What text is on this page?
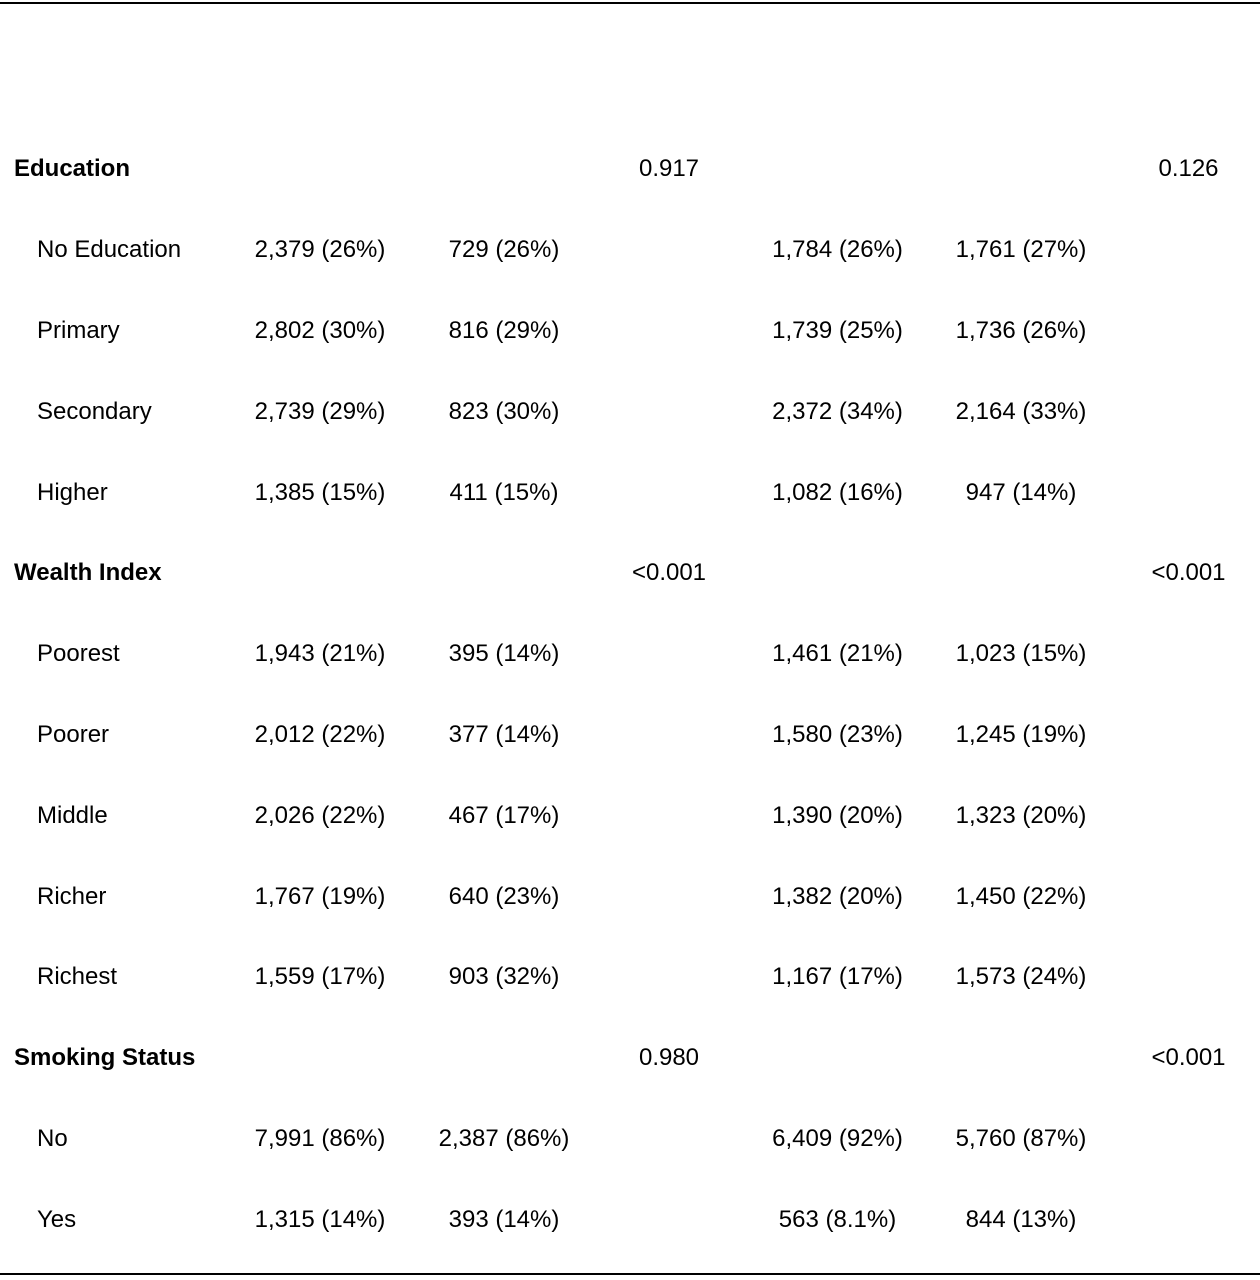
Education			0.917			0.126
No Education	2,379 (26%)	729 (26%)		1,784 (26%)	1,761 (27%)	
Primary	2,802 (30%)	816 (29%)		1,739 (25%)	1,736 (26%)	
Secondary	2,739 (29%)	823 (30%)		2,372 (34%)	2,164 (33%)	
Higher	1,385 (15%)	411 (15%)		1,082 (16%)	947 (14%)	
Wealth Index			<0.001			<0.001
Poorest	1,943 (21%)	395 (14%)		1,461 (21%)	1,023 (15%)	
Poorer	2,012 (22%)	377 (14%)		1,580 (23%)	1,245 (19%)	
Middle	2,026 (22%)	467 (17%)		1,390 (20%)	1,323 (20%)	
Richer	1,767 (19%)	640 (23%)		1,382 (20%)	1,450 (22%)	
Richest	1,559 (17%)	903 (32%)		1,167 (17%)	1,573 (24%)	
Smoking Status			0.980			<0.001
No	7,991 (86%)	2,387 (86%)		6,409 (92%)	5,760 (87%)	
Yes	1,315 (14%)	393 (14%)		563 (8.1%)	844 (13%)	
